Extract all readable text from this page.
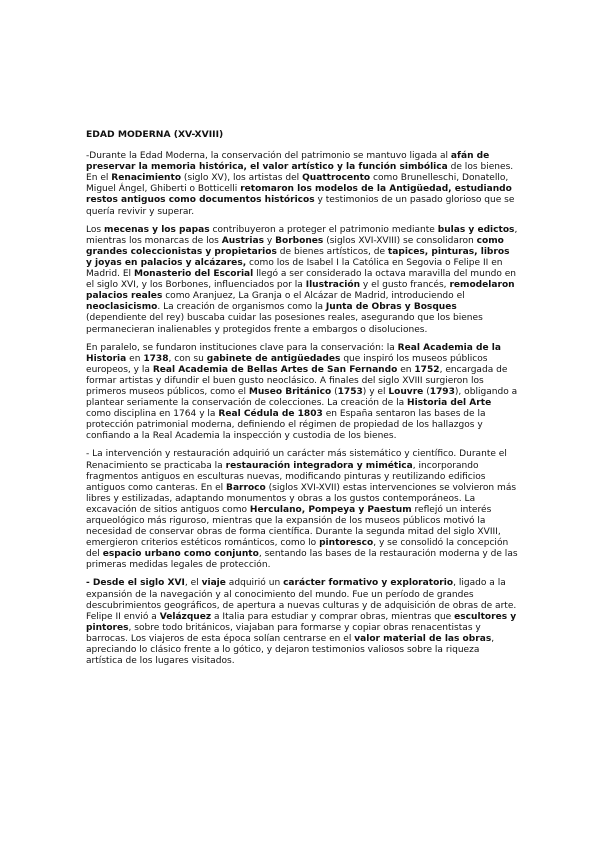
EDAD MODERNA (XV-XVIII)
-Durante la Edad Moderna, la conservación del patrimonio se mantuvo ligada al afán de preservar la memoria histórica, el valor artístico y la función simbólica de los bienes. En el Renacimiento (siglo XV), los artistas del Quattrocento como Brunelleschi, Donatello, Miguel Ángel, Ghiberti o Botticelli retomaron los modelos de la Antigüedad, estudiando restos antiguos como documentos históricos y testimonios de un pasado glorioso que se quería revivir y superar.
Los mecenas y los papas contribuyeron a proteger el patrimonio mediante bulas y edictos, mientras los monarcas de los Austrias y Borbones (siglos XVI-XVIII) se consolidaron como grandes coleccionistas y propietarios de bienes artísticos, de tapices, pinturas, libros y joyas en palacios y alcázares, como los de Isabel I la Católica en Segovia o Felipe II en Madrid. El Monasterio del Escorial llegó a ser considerado la octava maravilla del mundo en el siglo XVI, y los Borbones, influenciados por la Ilustración y el gusto francés, remodelaron palacios reales como Aranjuez, La Granja o el Alcázar de Madrid, introduciendo el neoclasicismo. La creación de organismos como la Junta de Obras y Bosques (dependiente del rey) buscaba cuidar las posesiones reales, asegurando que los bienes permanecieran inalienables y protegidos frente a embargos o disoluciones.
En paralelo, se fundaron instituciones clave para la conservación: la Real Academia de la Historia en 1738, con su gabinete de antigüedades que inspiró los museos públicos europeos, y la Real Academia de Bellas Artes de San Fernando en 1752, encargada de formar artistas y difundir el buen gusto neoclásico. A finales del siglo XVIII surgieron los primeros museos públicos, como el Museo Británico (1753) y el Louvre (1793), obligando a plantear seriamente la conservación de colecciones. La creación de la Historia del Arte como disciplina en 1764 y la Real Cédula de 1803 en España sentaron las bases de la protección patrimonial moderna, definiendo el régimen de propiedad de los hallazgos y confiando a la Real Academia la inspección y custodia de los bienes.
- La intervención y restauración adquirió un carácter más sistemático y científico. Durante el Renacimiento se practicaba la restauración integradora y mimética, incorporando fragmentos antiguos en esculturas nuevas, modificando pinturas y reutilizando edificios antiguos como canteras. En el Barroco (siglos XVI-XVII) estas intervenciones se volvieron más libres y estilizadas, adaptando monumentos y obras a los gustos contemporáneos. La excavación de sitios antiguos como Herculano, Pompeya y Paestum reflejó un interés arqueológico más riguroso, mientras que la expansión de los museos públicos motivó la necesidad de conservar obras de forma científica. Durante la segunda mitad del siglo XVIII, emergieron criterios estéticos románticos, como lo pintoresco, y se consolidó la concepción del espacio urbano como conjunto, sentando las bases de la restauración moderna y de las primeras medidas legales de protección.
- Desde el siglo XVI, el viaje adquirió un carácter formativo y exploratorio, ligado a la expansión de la navegación y al conocimiento del mundo. Fue un período de grandes descubrimientos geográficos, de apertura a nuevas culturas y de adquisición de obras de arte. Felipe II envió a Velázquez a Italia para estudiar y comprar obras, mientras que escultores y pintores, sobre todo británicos, viajaban para formarse y copiar obras renacentistas y barrocas. Los viajeros de esta época solían centrarse en el valor material de las obras, apreciando lo clásico frente a lo gótico, y dejaron testimonios valiosos sobre la riqueza artística de los lugares visitados.
